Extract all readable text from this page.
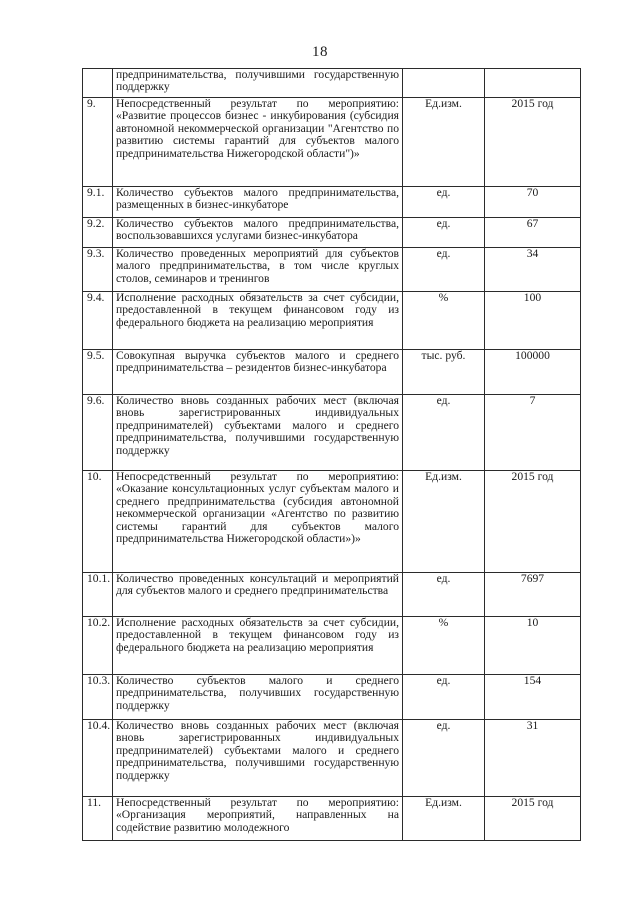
18
	предпринимательства, получившими государственную поддержку		
9.	Непосредственный результат по мероприятию: «Развитие процессов бизнес - инкубирования (субсидия автономной некоммерческой организации "Агентство по развитию системы гарантий для субъектов малого предпринимательства Нижегородской области")»	Ед.изм.	2015 год
9.1.	Количество субъектов малого предпринимательства, размещенных в бизнес-инкубаторе	ед.	70
9.2.	Количество субъектов малого предпринимательства, воспользовавшихся услугами бизнес-инкубатора	ед.	67
9.3.	Количество проведенных мероприятий для субъектов малого предпринимательства, в том числе круглых столов, семинаров и тренингов	ед.	34
9.4.	Исполнение расходных обязательств за счет субсидии, предоставленной в текущем финансовом году из федерального бюджета на реализацию мероприятия	%	100
9.5.	Совокупная выручка субъектов малого и среднего предпринимательства – резидентов бизнес-инкубатора	тыс. руб.	100000
9.6.	Количество вновь созданных рабочих мест (включая вновь зарегистрированных индивидуальных предпринимателей) субъектами малого и среднего предпринимательства, получившими государственную поддержку	ед.	7
10.	Непосредственный результат по мероприятию: «Оказание консультационных услуг субъектам малого и среднего предпринимательства (субсидия автономной некоммерческой организации «Агентство по развитию системы гарантий для субъектов малого предпринимательства Нижегородской области»)»	Ед.изм.	2015 год
10.1.	Количество проведенных консультаций и мероприятий для субъектов малого и среднего предпринимательства	ед.	7697
10.2.	Исполнение расходных обязательств за счет субсидии, предоставленной в текущем финансовом году из федерального бюджета на реализацию мероприятия	%	10
10.3.	Количество субъектов малого и среднего предпринимательства, получивших государственную поддержку	ед.	154
10.4.	Количество вновь созданных рабочих мест (включая вновь зарегистрированных индивидуальных предпринимателей) субъектами малого и среднего предпринимательства, получившими государственную поддержку	ед.	31
11.	Непосредственный результат по мероприятию: «Организация мероприятий, направленных на содействие развитию молодежного	Ед.изм.	2015 год
